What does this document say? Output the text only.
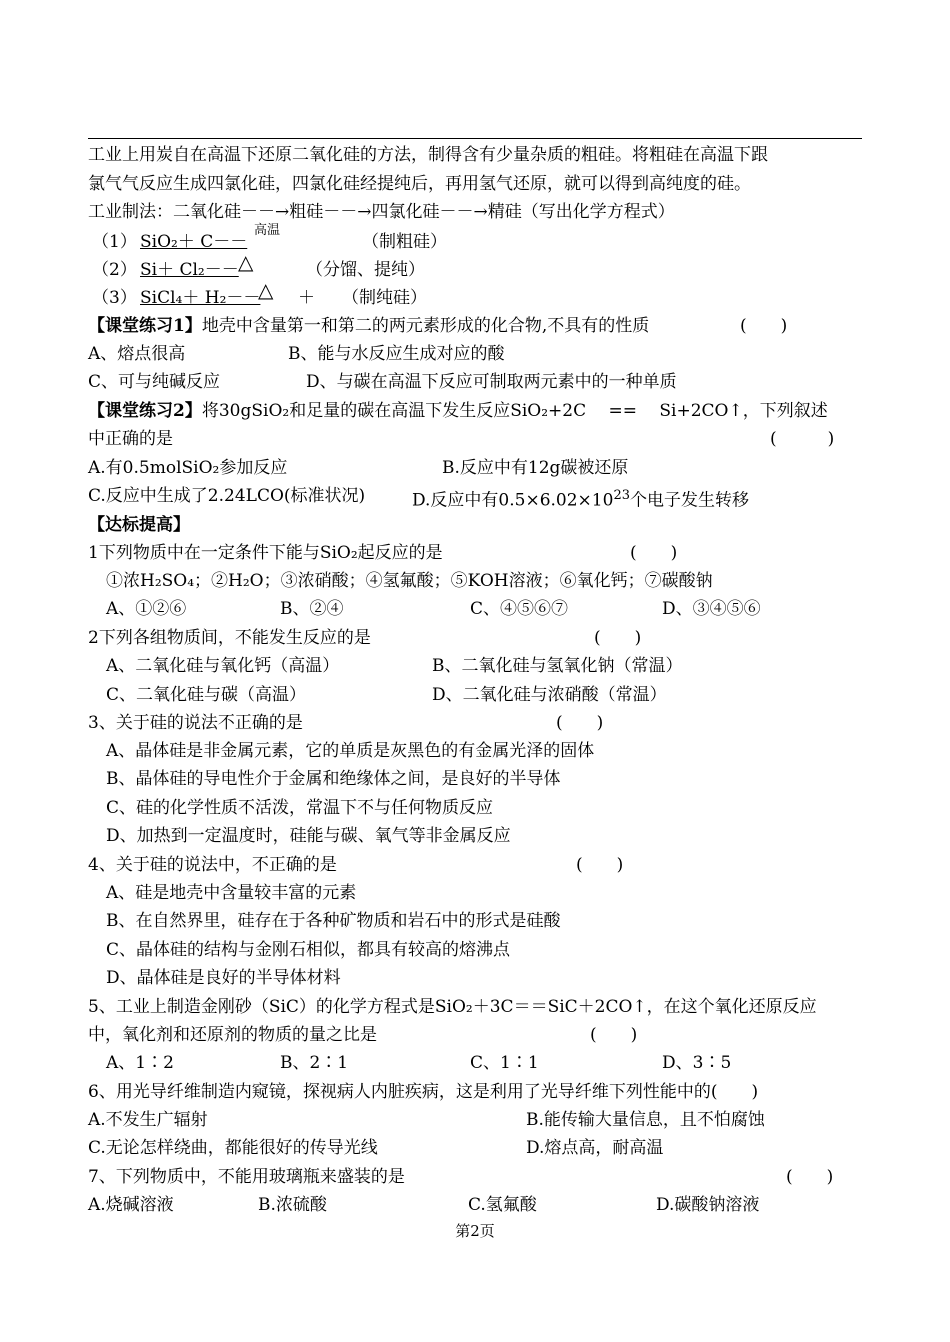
工业上用炭自在高温下还原二氧化硅的方法，制得含有少量杂质的粗硅。将粗硅在高温下跟
氯气气反应生成四氯化硅，四氯化硅经提纯后，再用氢气还原，就可以得到高纯度的硅。
工业制法：二氧化硅－－→粗硅－－→四氯化硅－－→精硅（写出化学方程式）
（1） SiO₂＋ C－－
高温
（制粗硅）
（2） Si＋ Cl₂－－ △	（分馏、提纯）
（3） SiCl₄＋ H₂－－
△ ＋ （制纯硅）
【课堂练习1】地壳中含量第一和第二的两元素形成的化合物,不具有的性质	(　　)
A、熔点很高	B、能与水反应生成对应的酸
C、可与纯碱反应	D、与碳在高温下反应可制取两元素中的一种单质
【课堂练习2】将30gSiO₂和足量的碳在高温下发生反应SiO₂+2C　 ==　 Si+2CO↑，下列叙述
中正确的是	(　　　)
A.有0.5molSiO₂参加反应	B.反应中有12g碳被还原
C.反应中生成了2.24LCO(标准状况)	D.反应中有$0.5\times 6.02\times 10^{23}$个电子发生转移
【达标提高】
1下列物质中在一定条件下能与SiO₂起反应的是	(　　)
①浓H₂SO₄；②H₂O；③浓硝酸；④氢氟酸；⑤KOH溶液；⑥氧化钙；⑦碳酸钠
A、①②⑥	B、②④	C、④⑤⑥⑦	D、③④⑤⑥
2下列各组物质间，不能发生反应的是	(　　)
A、二氧化硅与氧化钙（高温）	B、二氧化硅与氢氧化钠（常温）
C、二氧化硅与碳（高温）	D、二氧化硅与浓硝酸（常温）
3、关于硅的说法不正确的是	(　　)
A、晶体硅是非金属元素，它的单质是灰黑色的有金属光泽的固体
B、晶体硅的导电性介于金属和绝缘体之间，是良好的半导体
C、硅的化学性质不活泼，常温下不与任何物质反应
D、加热到一定温度时，硅能与碳、氧气等非金属反应
4、关于硅的说法中，不正确的是	(　　)
A、硅是地壳中含量较丰富的元素
B、在自然界里，硅存在于各种矿物质和岩石中的形式是硅酸
C、晶体硅的结构与金刚石相似，都具有较高的熔沸点
D、晶体硅是良好的半导体材料
5、工业上制造金刚砂（SiC）的化学方程式是SiO₂＋3C＝＝SiC＋2CO↑，在这个氧化还原反应
中，氧化剂和还原剂的物质的量之比是	(　　)
A、1∶2	B、2∶1	C、1∶1	D、3∶5
6、用光导纤维制造内窥镜，探视病人内脏疾病，这是利用了光导纤维下列性能中的(　　)
A.不发生广辐射	B.能传输大量信息，且不怕腐蚀
C.无论怎样绕曲，都能很好的传导光线	D.熔点高，耐高温
7、下列物质中，不能用玻璃瓶来盛装的是	(　　)
A.烧碱溶液	B.浓硫酸	C.氢氟酸	D.碳酸钠溶液
第2页
